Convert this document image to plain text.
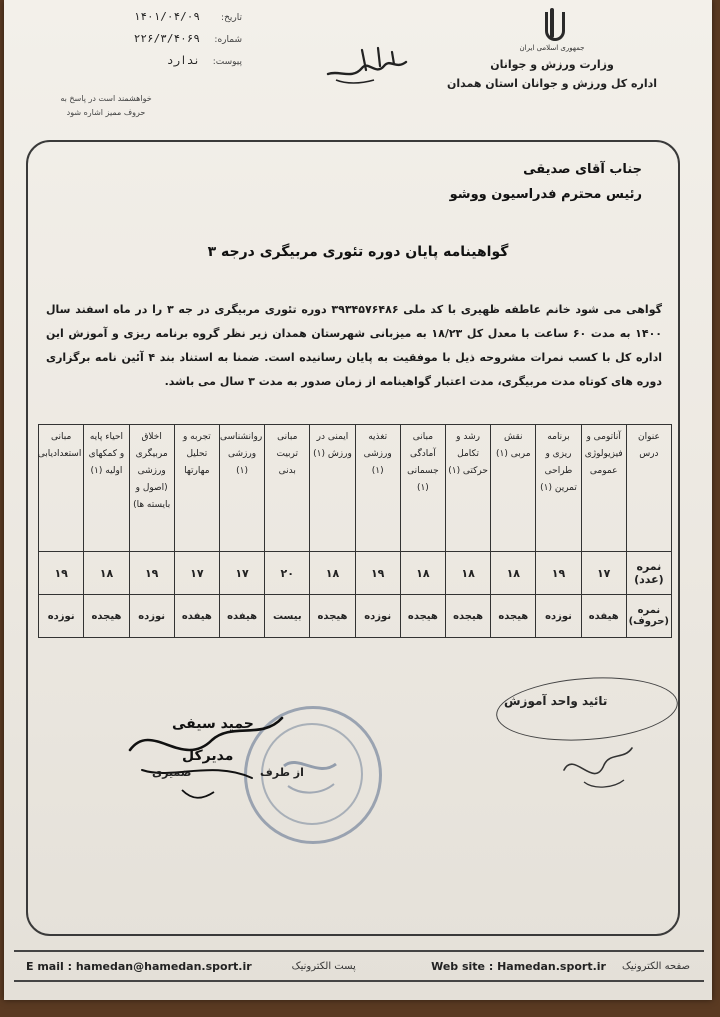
جمهوری اسلامی ایران
وزارت ورزش و جوانان
اداره کل ورزش و جوانان استان همدان
تاریخ:
۱۴۰۱/۰۴/۰۹
شماره:
۲۲۶/۳/۴۰۶۹
پیوست:
ندارد
خواهشمند است در پاسخ به حروف ممیز اشاره شود
جناب آقای صدیقی
رئیس محترم فدراسیون ووشو
گواهینامه پایان دوره تئوری مربیگری درجه ۳
گواهی می شود خانم عاطفه ظهیری با کد ملی ۳۹۳۴۵۷۶۴۸۶ دوره تئوری مربیگری در جه ۳ را در ماه اسفند سال ۱۴۰۰ به مدت ۶۰ ساعت با معدل کل ۱۸/۲۳ به میزبانی شهرستان همدان زیر نظر گروه برنامه ریزی و آموزش این اداره کل با کسب نمرات مشروحه ذیل با موفقیت به پایان رسانیده است. ضمنا به استناد بند ۴ آئین نامه برگزاری دوره های کوتاه مدت مربیگری، مدت اعتبار گواهینامه از زمان صدور به مدت ۳ سال می باشد.
عنوان درس	آناتومی و فیزیولوژی عمومی	برنامه ریزی و طراحی تمرین (۱)	نقش مربی (۱)	رشد و تکامل حرکتی (۱)	مبانی آمادگی جسمانی (۱)	تغذیه ورزشی (۱)	ایمنی در ورزش (۱)	مبانی تربیت بدنی	روانشناسی ورزشی (۱)	تجربه و تحلیل مهارتها	اخلاق مربیگری ورزشی (اصول و بایسته ها)	احیاء پایه و کمکهای اولیه (۱)	مبانی استعدادیابی
نمره (عدد)	۱۷	۱۹	۱۸	۱۸	۱۸	۱۹	۱۸	۲۰	۱۷	۱۷	۱۹	۱۸	۱۹
نمره (حروف)	هیفده	نوزده	هیجده	هیجده	هیجده	نوزده	هیجده	بیست	هیفده	هیفده	نوزده	هیجده	نوزده
تائید واحد آموزش
حمید سیفی
مدیرکل
از طرف
ضمیری
E mail : hamedan@hamedan.sport.ir	پست الکترونیک	Web site : Hamedan.sport.ir صفحه الکترونیک
